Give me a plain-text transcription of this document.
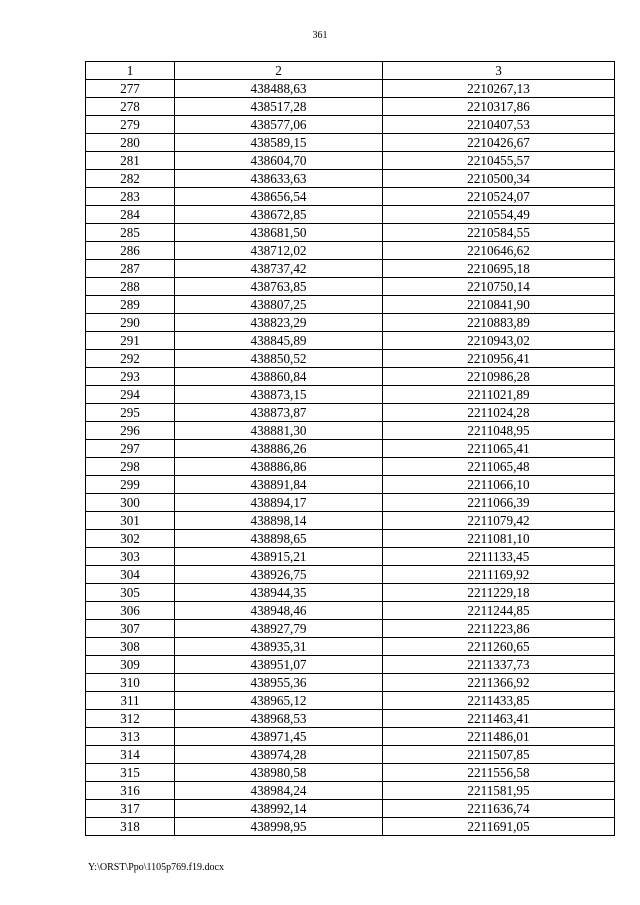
361
1	2	3
277	438488,63	2210267,13
278	438517,28	2210317,86
279	438577,06	2210407,53
280	438589,15	2210426,67
281	438604,70	2210455,57
282	438633,63	2210500,34
283	438656,54	2210524,07
284	438672,85	2210554,49
285	438681,50	2210584,55
286	438712,02	2210646,62
287	438737,42	2210695,18
288	438763,85	2210750,14
289	438807,25	2210841,90
290	438823,29	2210883,89
291	438845,89	2210943,02
292	438850,52	2210956,41
293	438860,84	2210986,28
294	438873,15	2211021,89
295	438873,87	2211024,28
296	438881,30	2211048,95
297	438886,26	2211065,41
298	438886,86	2211065,48
299	438891,84	2211066,10
300	438894,17	2211066,39
301	438898,14	2211079,42
302	438898,65	2211081,10
303	438915,21	2211133,45
304	438926,75	2211169,92
305	438944,35	2211229,18
306	438948,46	2211244,85
307	438927,79	2211223,86
308	438935,31	2211260,65
309	438951,07	2211337,73
310	438955,36	2211366,92
311	438965,12	2211433,85
312	438968,53	2211463,41
313	438971,45	2211486,01
314	438974,28	2211507,85
315	438980,58	2211556,58
316	438984,24	2211581,95
317	438992,14	2211636,74
318	438998,95	2211691,05
Y:\ORST\Ppo\1105p769.f19.docx
